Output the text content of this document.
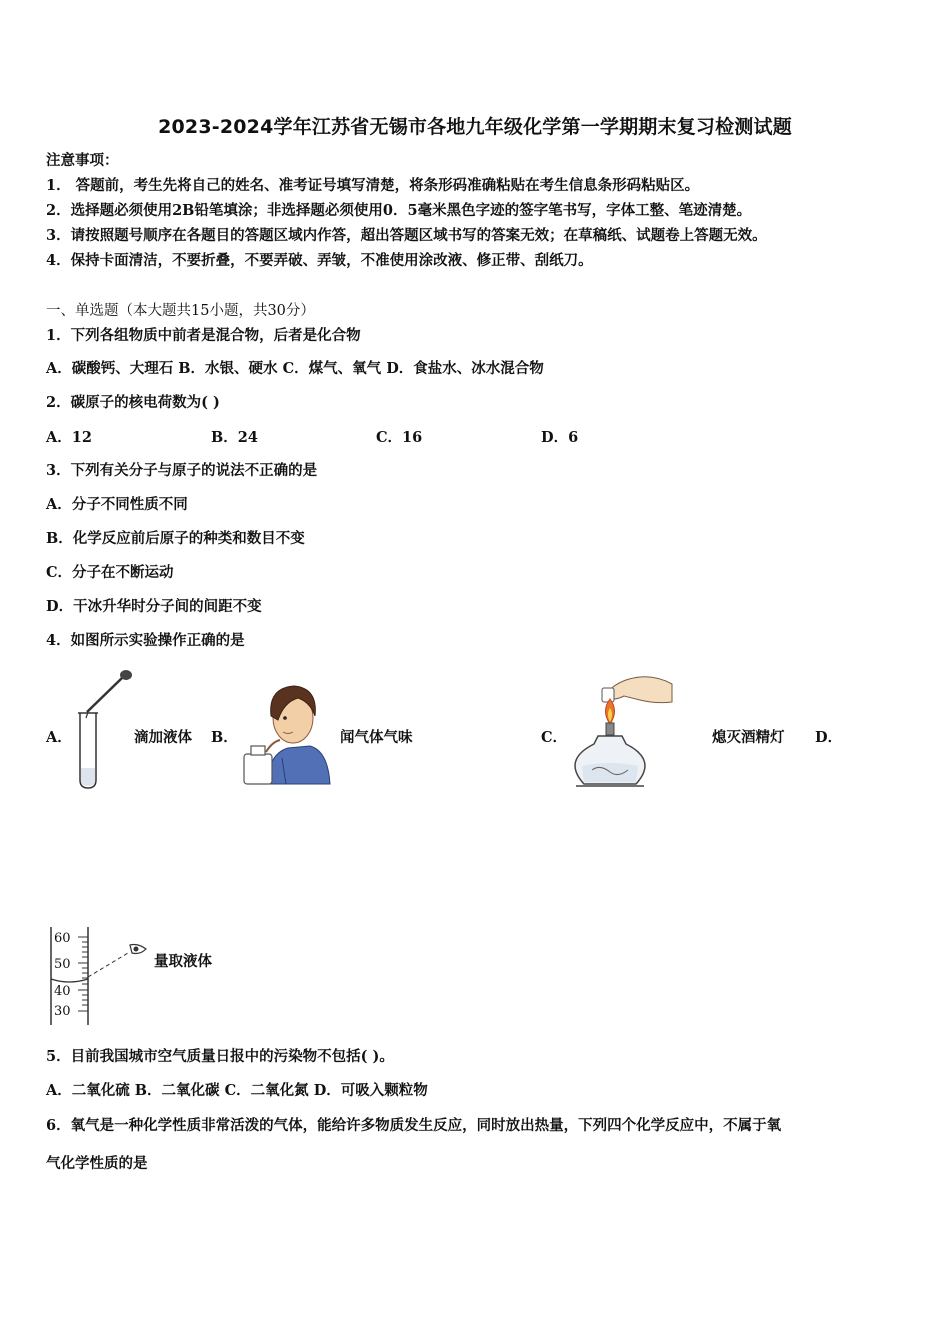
2023-2024学年江苏省无锡市各地九年级化学第一学期期末复习检测试题
注意事项：
1． 答题前，考生先将自己的姓名、准考证号填写清楚，将条形码准确粘贴在考生信息条形码粘贴区。
2．选择题必须使用2B铅笔填涂；非选择题必须使用0．5毫米黑色字迹的签字笔书写，字体工整、笔迹清楚。
3．请按照题号顺序在各题目的答题区域内作答，超出答题区域书写的答案无效；在草稿纸、试题卷上答题无效。
4．保持卡面清洁，不要折叠，不要弄破、弄皱，不准使用涂改液、修正带、刮纸刀。
一、单选题（本大题共15小题，共30分）
1．下列各组物质中前者是混合物，后者是化合物
A．碳酸钙、大理石 B．水银、硬水 C．煤气、氧气 D．食盐水、冰水混合物
2．碳原子的核电荷数为( )
A．12	B．24	C．16	D．6
3．下列有关分子与原子的说法不正确的是
A．分子不同性质不同
B．化学反应前后原子的种类和数目不变
C．分子在不断运动
D．干冰升华时分子间的间距不变
4．如图所示实验操作正确的是
A．	滴加液体 B．	闻气体气味	C．	熄灭酒精灯 D．
60
50
40
30
量取液体
5．目前我国城市空气质量日报中的污染物不包括( )。
A．二氧化硫 B．二氧化碳 C．二氧化氮 D．可吸入颗粒物
6．氧气是一种化学性质非常活泼的气体，能给许多物质发生反应，同时放出热量，下列四个化学反应中，不属于氧
气化学性质的是
